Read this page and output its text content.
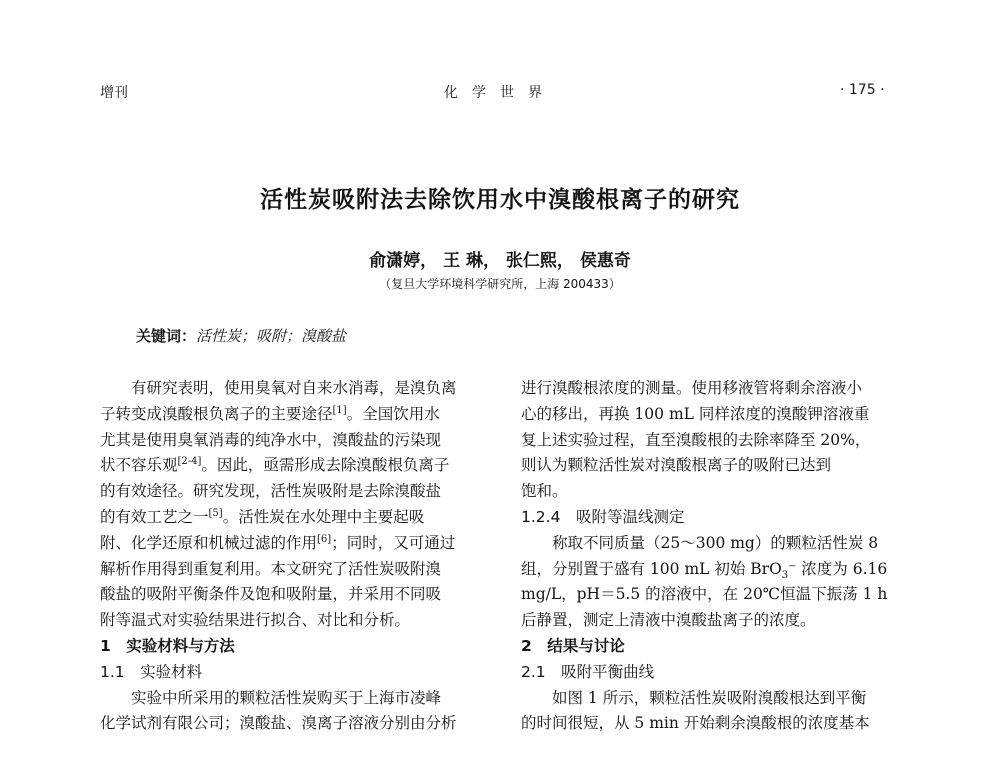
增刊	化学世界	· 175 ·
活性炭吸附法去除饮用水中溴酸根离子的研究
俞潇婷， 王 琳， 张仁熙， 侯惠奇
（复旦大学环境科学研究所，上海 200433）
关键词：活性炭；吸附；溴酸盐
有研究表明，使用臭氧对自来水消毒，是溴负离
子转变成溴酸根负离子的主要途径[1]。全国饮用水
尤其是使用臭氧消毒的纯净水中，溴酸盐的污染现
状不容乐观[2-4]。因此，亟需形成去除溴酸根负离子
的有效途径。研究发现，活性炭吸附是去除溴酸盐
的有效工艺之一[5]。活性炭在水处理中主要起吸
附、化学还原和机械过滤的作用[6]；同时，又可通过
解析作用得到重复利用。本文研究了活性炭吸附溴
酸盐的吸附平衡条件及饱和吸附量，并采用不同吸
附等温式对实验结果进行拟合、对比和分析。
1　实验材料与方法
1.1　实验材料
实验中所采用的颗粒活性炭购买于上海市凌峰
化学试剂有限公司；溴酸盐、溴离子溶液分别由分析
进行溴酸根浓度的测量。使用移液管将剩余溶液小
心的移出，再换 100 mL 同样浓度的溴酸钾溶液重
复上述实验过程，直至溴酸根的去除率降至 20%，
则认为颗粒活性炭对溴酸根离子的吸附已达到
饱和。
1.2.4　吸附等温线测定
称取不同质量（25～300 mg）的颗粒活性炭 8
组，分别置于盛有 100 mL 初始 BrO$_3$⁻ 浓度为 6.16
mg/L，pH＝5.5 的溶液中，在 20℃恒温下振荡 1 h
后静置，测定上清液中溴酸盐离子的浓度。
2　结果与讨论
2.1　吸附平衡曲线
如图 1 所示，颗粒活性炭吸附溴酸根达到平衡
的时间很短，从 5 min 开始剩余溴酸根的浓度基本
